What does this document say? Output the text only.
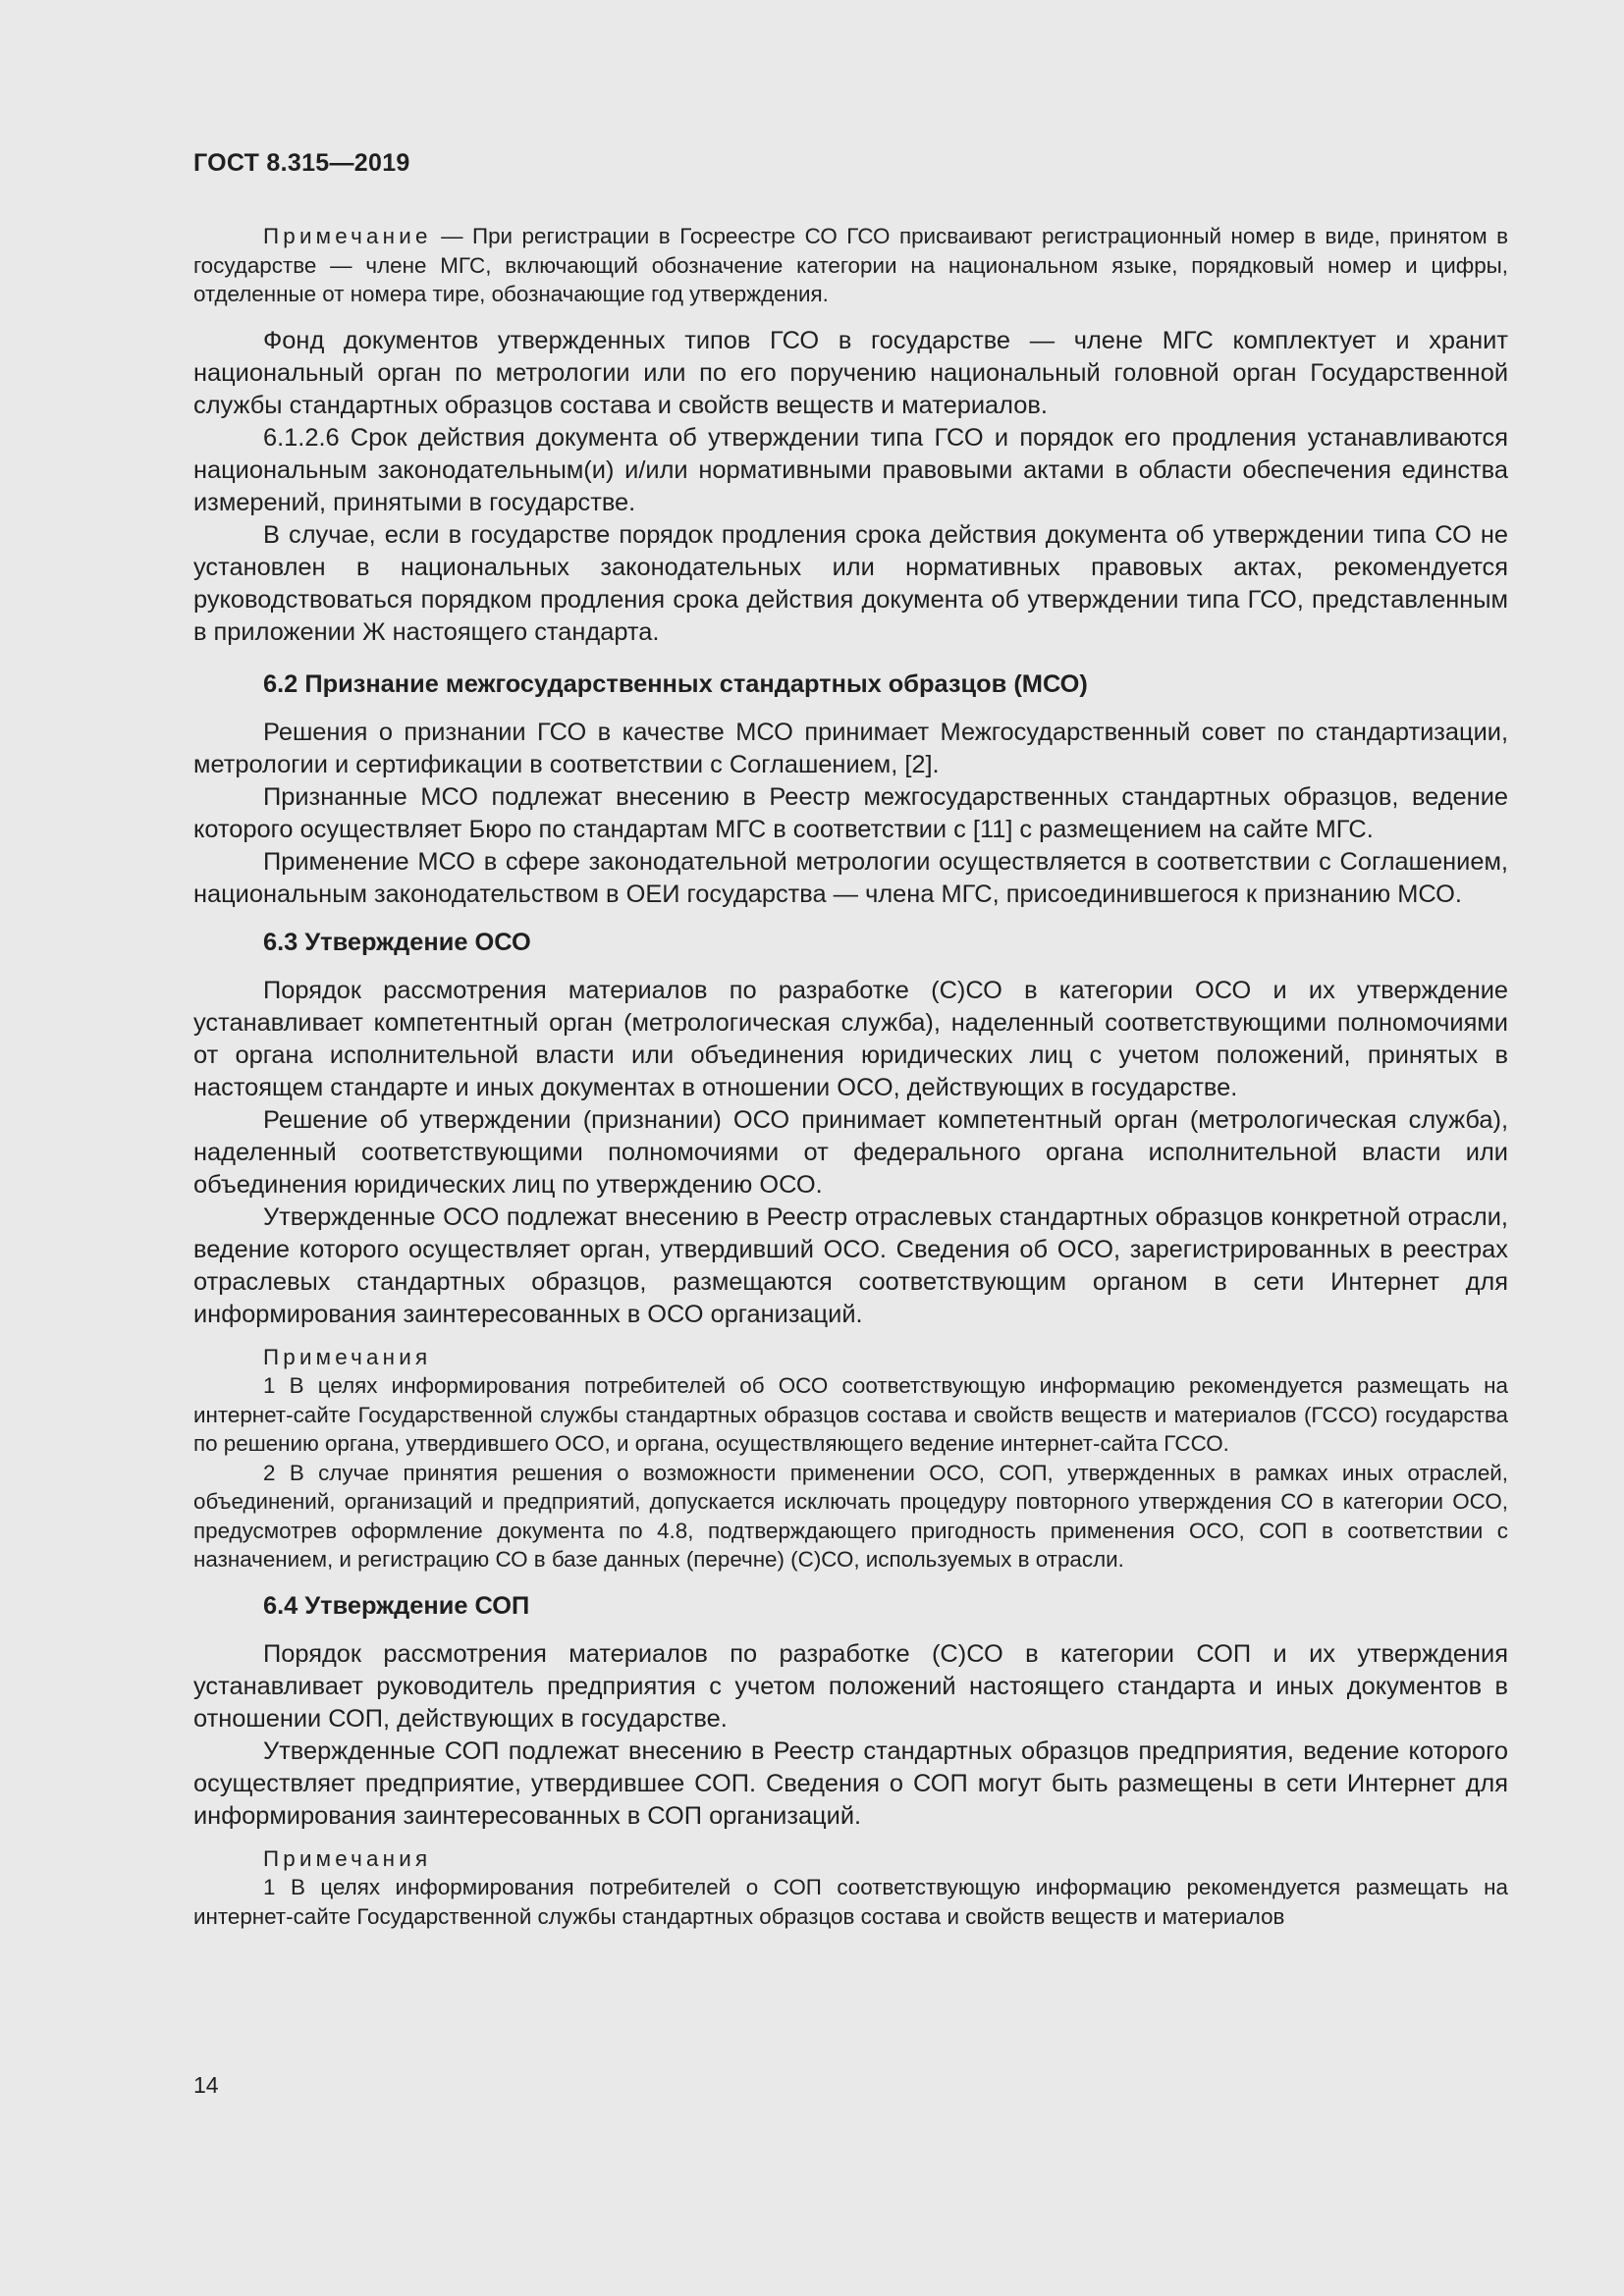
ГОСТ 8.315—2019

Примечание — При регистрации в Госреестре СО ГСО присваивают регистрационный номер в виде, принятом в государстве — члене МГС, включающий обозначение категории на национальном языке, порядковый номер и цифры, отделенные от номера тире, обозначающие год утверждения.

Фонд документов утвержденных типов ГСО в государстве — члене МГС комплектует и хранит национальный орган по метрологии или по его поручению национальный головной орган Государственной службы стандартных образцов состава и свойств веществ и материалов.

6.1.2.6 Срок действия документа об утверждении типа ГСО и порядок его продления устанавливаются национальным законодательным(и) и/или нормативными правовыми актами в области обеспечения единства измерений, принятыми в государстве.

В случае, если в государстве порядок продления срока действия документа об утверждении типа СО не установлен в национальных законодательных или нормативных правовых актах, рекомендуется руководствоваться порядком продления срока действия документа об утверждении типа ГСО, представленным в приложении Ж настоящего стандарта.

6.2 Признание межгосударственных стандартных образцов (МСО)

Решения о признании ГСО в качестве МСО принимает Межгосударственный совет по стандартизации, метрологии и сертификации в соответствии с Соглашением, [2].

Признанные МСО подлежат внесению в Реестр межгосударственных стандартных образцов, ведение которого осуществляет Бюро по стандартам МГС в соответствии с [11] с размещением на сайте МГС.

Применение МСО в сфере законодательной метрологии осуществляется в соответствии с Соглашением, национальным законодательством в ОЕИ государства — члена МГС, присоединившегося к признанию МСО.

6.3 Утверждение ОСО

Порядок рассмотрения материалов по разработке (С)СО в категории ОСО и их утверждение устанавливает компетентный орган (метрологическая служба), наделенный соответствующими полномочиями от органа исполнительной власти или объединения юридических лиц с учетом положений, принятых в настоящем стандарте и иных документах в отношении ОСО, действующих в государстве.

Решение об утверждении (признании) ОСО принимает компетентный орган (метрологическая служба), наделенный соответствующими полномочиями от федерального органа исполнительной власти или объединения юридических лиц по утверждению ОСО.

Утвержденные ОСО подлежат внесению в Реестр отраслевых стандартных образцов конкретной отрасли, ведение которого осуществляет орган, утвердивший ОСО. Сведения об ОСО, зарегистрированных в реестрах отраслевых стандартных образцов, размещаются соответствующим органом в сети Интернет для информирования заинтересованных в ОСО организаций.

Примечания

1 В целях информирования потребителей об ОСО соответствующую информацию рекомендуется размещать на интернет-сайте Государственной службы стандартных образцов состава и свойств веществ и материалов (ГССО) государства по решению органа, утвердившего ОСО, и органа, осуществляющего ведение интернет-сайта ГССО.

2 В случае принятия решения о возможности применении ОСО, СОП, утвержденных в рамках иных отраслей, объединений, организаций и предприятий, допускается исключать процедуру повторного утверждения СО в категории ОСО, предусмотрев оформление документа по 4.8, подтверждающего пригодность применения ОСО, СОП в соответствии с назначением, и регистрацию СО в базе данных (перечне) (С)СО, используемых в отрасли.

6.4 Утверждение СОП

Порядок рассмотрения материалов по разработке (С)СО в категории СОП и их утверждения устанавливает руководитель предприятия с учетом положений настоящего стандарта и иных документов в отношении СОП, действующих в государстве.

Утвержденные СОП подлежат внесению в Реестр стандартных образцов предприятия, ведение которого осуществляет предприятие, утвердившее СОП. Сведения о СОП могут быть размещены в сети Интернет для информирования заинтересованных в СОП организаций.

Примечания

1 В целях информирования потребителей о СОП соответствующую информацию рекомендуется размещать на интернет-сайте Государственной службы стандартных образцов состава и свойств веществ и материалов

14
